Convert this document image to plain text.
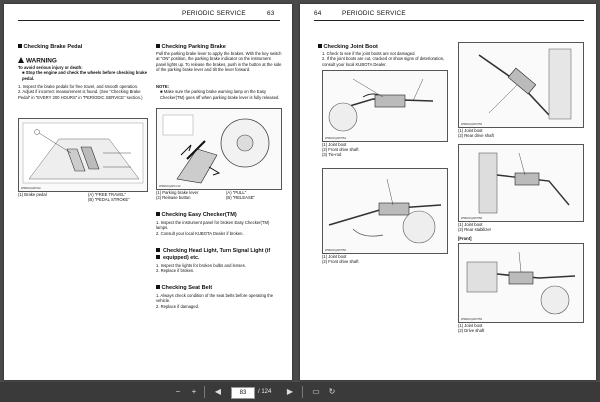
PERIODIC SERVICE	63
Checking Brake Pedal
WARNING

To avoid serious injury or death:

■ Stop the engine and check the wheels before checking brake pedal.

1. Inspect the brake pedals for free travel, and smooth operation.

2. Adjust if incorrect measurement is found. (See "Checking Brake Pedal" in "EVERY 200 HOURS" in "PERIODIC SERVICE" section.)

WSM0CQAP01A
(1) Brake pedal	(A) "FREE TRAVEL"
(B) "PEDAL STROKE"
Checking Parking Brake
Pull the parking brake lever to apply the brakes. With the key switch at "ON" position, the parking brake indicator on the instrument panel lights up. To release the brakes, push in the button at the side of the parking brake lever and tilt the lever forward.

NOTE:

■ Make sure the parking brake warning lamp on the Easy Checker(TM) goes off when parking brake lever is fully released.

WSM0CQAP1C10
(1) Parking brake lever
(2) Release button
(A) "PULL"
(B) "RELEASE"
Checking Easy Checker(TM)

1. Inspect the instrument panel for broken Easy Checker(TM) lamps.

2. Consult your local KUBOTA Dealer if broken.

Checking Head Light, Turn Signal Light (if
equipped) etc.

1. Inspect the lights for broken bulbs and lenses.

2. Replace if broken.

Checking Seat Belt

1. Always check condition of the seat belts before operating the vehicle.

2. Replace if damaged.

64	PERIODIC SERVICE
Checking Joint Boot

1. Check to see if the joint boots are not damaged.

2. If the joint boots are cut, cracked or show signs of deterioration, consult your local KUBOTA Dealer.

WSM0CQAP0754
(1) Joint boot
(2) Front drive shaft
(3) Tie-rod
WSM0CQAP0756
(1) Joint boot
(2) Front drive shaft
WSM0CQAP0755
(1) Joint boot
(2) Rear drive shaft
WSM0CQAP0758
(1) Joint boot
(2) Rear stabilizer
[Front]
WSM0CQAP0759
(1) Joint boot
(2) Drive shaft
−	+	◀	83	/ 124	▶	▭	↻
